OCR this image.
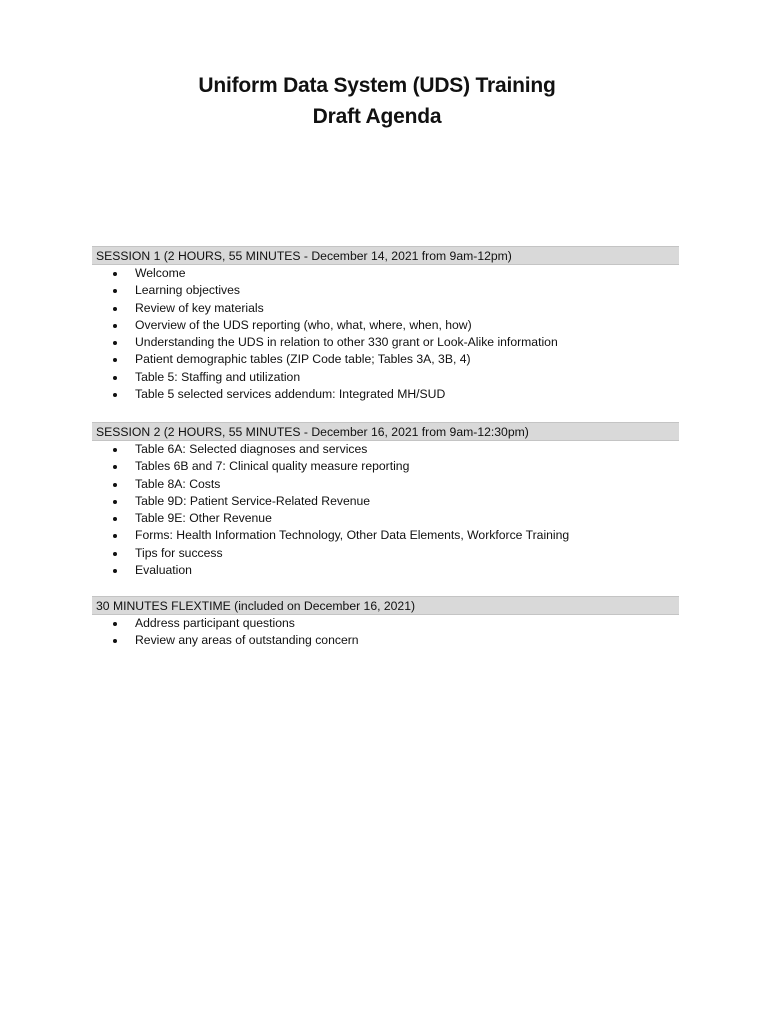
Uniform Data System (UDS) Training
Draft Agenda
SESSION 1 (2 HOURS, 55 MINUTES - December 14, 2021 from 9am-12pm)
Welcome
Learning objectives
Review of key materials
Overview of the UDS reporting (who, what, where, when, how)
Understanding the UDS in relation to other 330 grant or Look-Alike information
Patient demographic tables (ZIP Code table; Tables 3A, 3B, 4)
Table 5: Staffing and utilization
Table 5 selected services addendum: Integrated MH/SUD
SESSION 2 (2 HOURS, 55 MINUTES - December 16, 2021 from 9am-12:30pm)
Table 6A: Selected diagnoses and services
Tables 6B and 7: Clinical quality measure reporting
Table 8A: Costs
Table 9D: Patient Service-Related Revenue
Table 9E: Other Revenue
Forms: Health Information Technology, Other Data Elements, Workforce Training
Tips for success
Evaluation
30 MINUTES FLEXTIME (included on December 16, 2021)
Address participant questions
Review any areas of outstanding concern
